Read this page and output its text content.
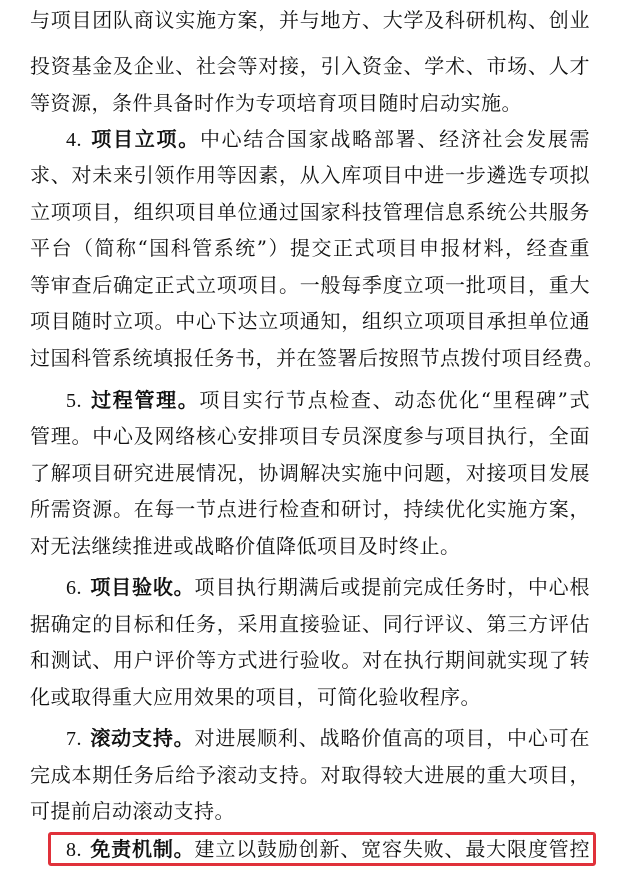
与项目团队商议实施方案，并与地方、大学及科研机构、创业
投资基金及企业、社会等对接，引入资金、学术、市场、人才
等资源，条件具备时作为专项培育项目随时启动实施。
4. 项目立项。中心结合国家战略部署、经济社会发展需
求、对未来引领作用等因素，从入库项目中进一步遴选专项拟
立项项目，组织项目单位通过国家科技管理信息系统公共服务
平台（简称“国科管系统”）提交正式项目申报材料，经查重
等审查后确定正式立项项目。一般每季度立项一批项目，重大
项目随时立项。中心下达立项通知，组织立项项目承担单位通
过国科管系统填报任务书，并在签署后按照节点拨付项目经费。
5. 过程管理。项目实行节点检查、动态优化“里程碑”式
管理。中心及网络核心安排项目专员深度参与项目执行，全面
了解项目研究进展情况，协调解决实施中问题，对接项目发展
所需资源。在每一节点进行检查和研讨，持续优化实施方案，
对无法继续推进或战略价值降低项目及时终止。
6. 项目验收。项目执行期满后或提前完成任务时，中心根
据确定的目标和任务，采用直接验证、同行评议、第三方评估
和测试、用户评价等方式进行验收。对在执行期间就实现了转
化或取得重大应用效果的项目，可简化验收程序。
7. 滚动支持。对进展顺利、战略价值高的项目，中心可在
完成本期任务后给予滚动支持。对取得较大进展的重大项目，
可提前启动滚动支持。
8. 免责机制。建立以鼓励创新、宽容失败、最大限度管控
